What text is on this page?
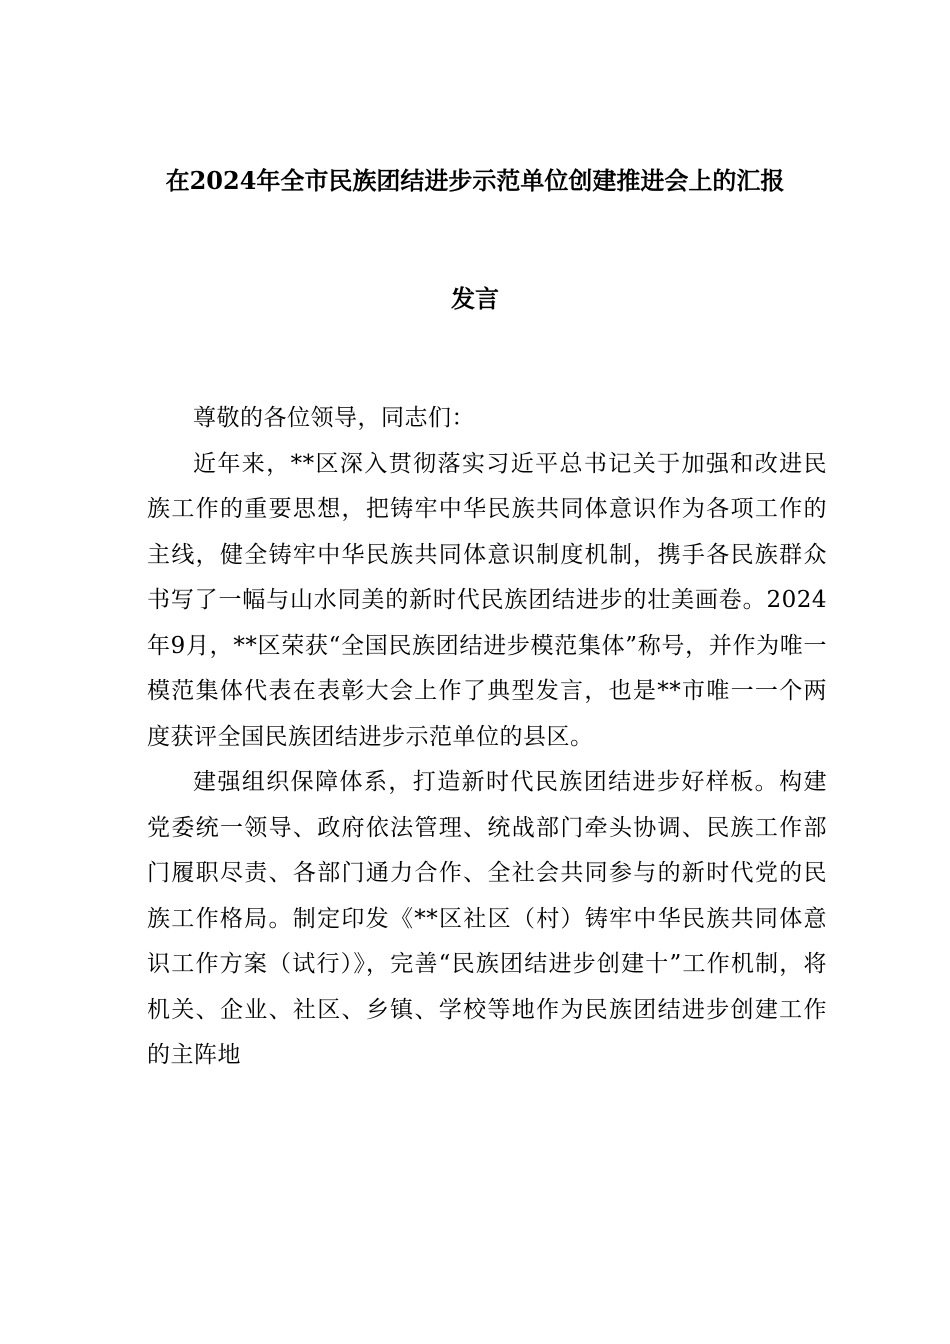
在2024年全市民族团结进步示范单位创建推进会上的汇报
发言

尊敬的各位领导，同志们：

近年来，**区深入贯彻落实习近平总书记关于加强和改进民族工作的重要思想，把铸牢中华民族共同体意识作为各项工作的主线，健全铸牢中华民族共同体意识制度机制，携手各民族群众书写了一幅与山水同美的新时代民族团结进步的壮美画卷。2024年9月，**区荣获“全国民族团结进步模范集体”称号，并作为唯一模范集体代表在表彰大会上作了典型发言，也是**市唯一一个两度获评全国民族团结进步示范单位的县区。

建强组织保障体系，打造新时代民族团结进步好样板。构建党委统一领导、政府依法管理、统战部门牵头协调、民族工作部门履职尽责、各部门通力合作、全社会共同参与的新时代党的民族工作格局。制定印发《**区社区（村）铸牢中华民族共同体意识工作方案（试行）》，完善“民族团结进步创建十”工作机制，将机关、企业、社区、乡镇、学校等地作为民族团结进步创建工作的主阵地
